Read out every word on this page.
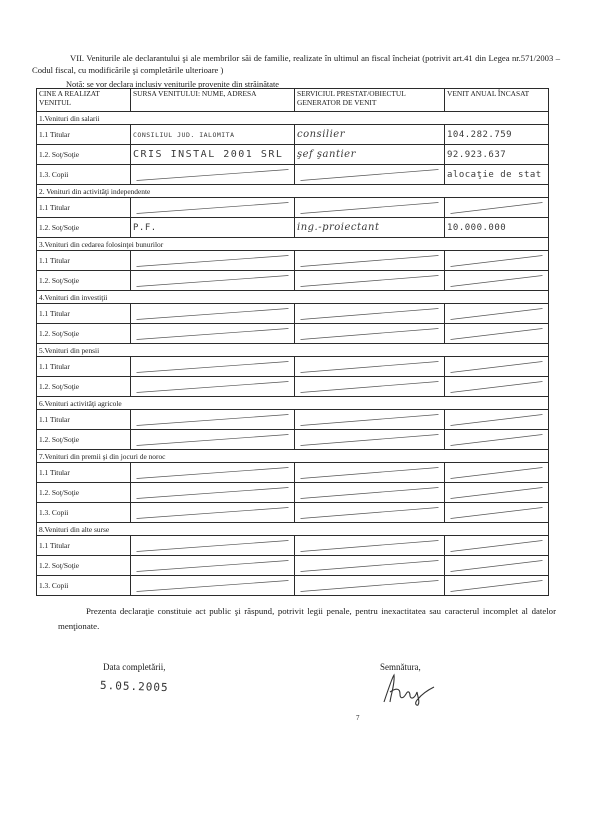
VII. Veniturile ale declarantului şi ale membrilor săi de familie, realizate în ultimul an fiscal încheiat (potrivit art.41 din Legea nr.571/2003 – Codul fiscal, cu modificările şi completările ulterioare )
Notă: se vor declara inclusiv veniturile provenite din străinătate
CINE A REALIZAT VENITUL	SURSA VENITULUI: NUME, ADRESA	SERVICIUL PRESTAT/OBIECTUL GENERATOR DE VENIT	VENIT ANUAL ÎNCASAT
1.Venituri din salarii			
1.1 Titular	CONSILIUL JUD. IALOMITA	consilier	104.282.759
1.2. Soţ/Soţie	CRIS INSTAL 2001 SRL	şef şantier	92.923.637
1.3. Copii			alocaţie de stat
2. Venituri din activităţi independente			
1.1 Titular			
1.2. Soţ/Soţie	P.F.	ing.-proiectant	10.000.000
3.Venituri din cedarea folosinţei bunurilor			
1.1 Titular			
1.2. Soţ/Soţie			
4.Venituri din investiţii			
1.1 Titular			
1.2. Soţ/Soţie			
5.Venituri din pensii			
1.1 Titular			
1.2. Soţ/Soţie			
6.Venituri activităţi agricole			
1.1 Titular			
1.2. Soţ/Soţie			
7.Venituri din premii şi din jocuri de noroc			
1.1 Titular			
1.2. Soţ/Soţie			
1.3. Copii			
8.Venituri din alte surse			
1.1 Titular			
1.2. Soţ/Soţie			
1.3. Copii			
Prezenta declaraţie constituie act public şi răspund, potrivit legii penale, pentru inexactitatea sau caracterul incomplet al datelor menţionate.
Data completării,	Semnătura,
5.05.2005
7
